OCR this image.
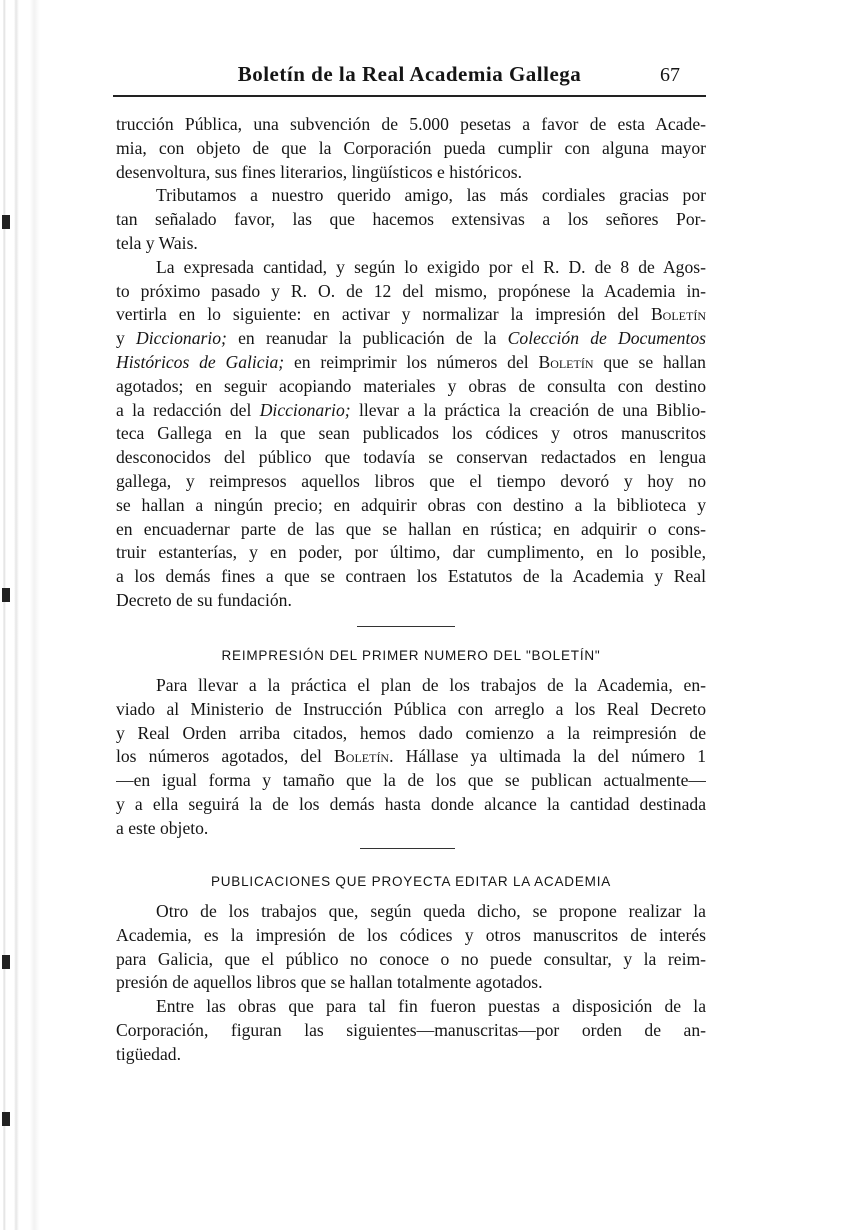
Boletín de la Real Academia Gallega	67
trucción Pública, una subvención de 5.000 pesetas a favor de esta Acade-
mia, con objeto de que la Corporación pueda cumplir con alguna mayor
desenvoltura, sus fines literarios, lingüísticos e históricos.
Tributamos a nuestro querido amigo, las más cordiales gracias por
tan señalado favor, las que hacemos extensivas a los señores Por-
tela y Wais.
La expresada cantidad, y según lo exigido por el R. D. de 8 de Agos-
to próximo pasado y R. O. de 12 del mismo, propónese la Academia in-
vertirla en lo siguiente: en activar y normalizar la impresión del Boletín
y Diccionario; en reanudar la publicación de la Colección de Documentos
Históricos de Galicia; en reimprimir los números del Boletín que se hallan
agotados; en seguir acopiando materiales y obras de consulta con destino
a la redacción del Diccionario; llevar a la práctica la creación de una Biblio-
teca Gallega en la que sean publicados los códices y otros manuscritos
desconocidos del público que todavía se conservan redactados en lengua
gallega, y reimpresos aquellos libros que el tiempo devoró y hoy no
se hallan a ningún precio; en adquirir obras con destino a la biblioteca y
en encuadernar parte de las que se hallan en rústica; en adquirir o cons-
truir estanterías, y en poder, por último, dar cumplimento, en lo posible,
a los demás fines a que se contraen los Estatutos de la Academia y Real
Decreto de su fundación.
REIMPRESIÓN DEL PRIMER NUMERO DEL "BOLETÍN"
Para llevar a la práctica el plan de los trabajos de la Academia, en-
viado al Ministerio de Instrucción Pública con arreglo a los Real Decreto
y Real Orden arriba citados, hemos dado comienzo a la reimpresión de
los números agotados, del Boletín. Hállase ya ultimada la del número 1
—en igual forma y tamaño que la de los que se publican actualmente—
y a ella seguirá la de los demás hasta donde alcance la cantidad destinada
a este objeto.
PUBLICACIONES QUE PROYECTA EDITAR LA ACADEMIA
Otro de los trabajos que, según queda dicho, se propone realizar la
Academia, es la impresión de los códices y otros manuscritos de interés
para Galicia, que el público no conoce o no puede consultar, y la reim-
presión de aquellos libros que se hallan totalmente agotados.
Entre las obras que para tal fin fueron puestas a disposición de la
Corporación, figuran las siguientes—manuscritas—por orden de an-
tigüedad.
